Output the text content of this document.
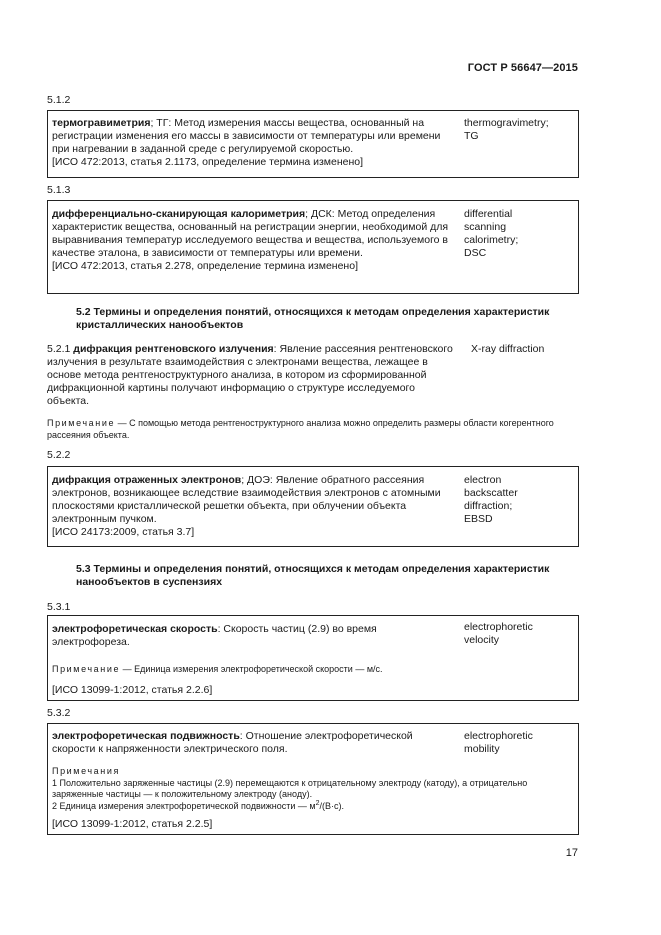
ГОСТ Р 56647—2015
5.1.2
термогравиметрия; ТГ: Метод измерения массы вещества, основанный на регистрации изменения его массы в зависимости от температуры или времени при нагревании в заданной среде с регулируемой скоростью.
[ИСО 472:2013, статья 2.1173, определение термина изменено]
thermogravimetry;
TG
5.1.3
дифференциально-сканирующая калориметрия; ДСК: Метод определения характеристик вещества, основанный на регистрации энергии, необходимой для выравнивания температур исследуемого вещества и вещества, используемого в качестве эталона, в зависимости от температуры или времени.
[ИСО 472:2013, статья 2.278, определение термина изменено]
differential
scanning
calorimetry;
DSC
5.2 Термины и определения понятий, относящихся к методам определения характеристик кристаллических нанообъектов
5.2.1 дифракция рентгеновского излучения: Явление рассеяния рентгеновского излучения в результате взаимодействия с электронами вещества, лежащее в основе метода рентгеноструктурного анализа, в котором из сформированной дифракционной картины получают информацию о структуре исследуемого объекта.
X-ray diffraction
Примечание — С помощью метода рентгеноструктурного анализа можно определить размеры области когерентного рассеяния объекта.
5.2.2
дифракция отраженных электронов; ДОЭ: Явление обратного рассеяния электронов, возникающее вследствие взаимодействия электронов с атомными плоскостями кристаллической решетки объекта, при облучении объекта электронным пучком.
[ИСО 24173:2009, статья 3.7]
electron
backscatter
diffraction;
EBSD
5.3 Термины и определения понятий, относящихся к методам определения характеристик нанообъектов в суспензиях
5.3.1
электрофоретическая скорость: Скорость частиц (2.9) во время электрофореза.
electrophoretic
velocity
Примечание — Единица измерения электрофоретической скорости — м/с.
[ИСО 13099-1:2012, статья 2.2.6]
5.3.2
электрофоретическая подвижность: Отношение электрофоретической скорости к напряженности электрического поля.
electrophoretic
mobility
Примечания
1 Положительно заряженные частицы (2.9) перемещаются к отрицательному электроду (катоду), а отрицательно заряженные частицы — к положительному электроду (аноду).
2 Единица измерения электрофоретической подвижности — $м^2/(В\cdot с)$.
[ИСО 13099-1:2012, статья 2.2.5]
17
